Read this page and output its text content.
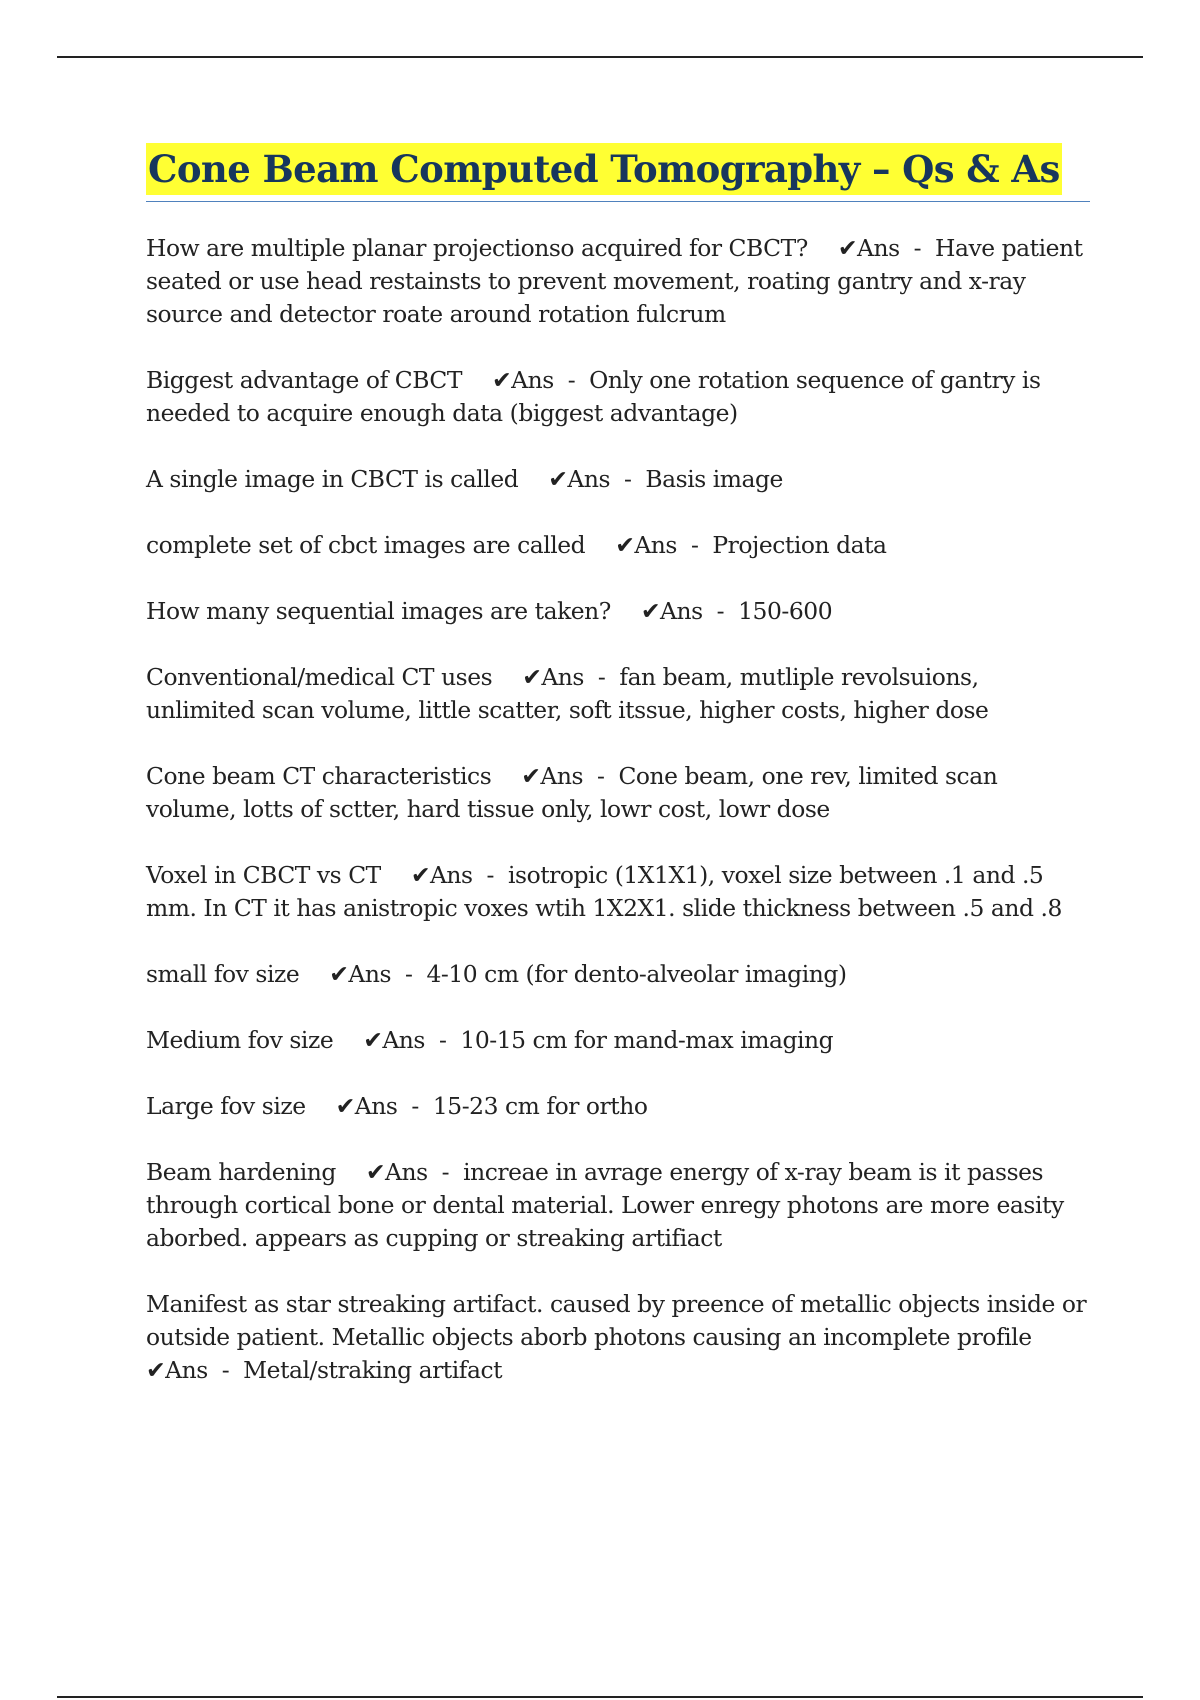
Cone Beam Computed Tomography – Qs & As
How are multiple planar projectionso acquired for CBCT? ✔Ans  -  Have patient seated or use head restainsts to prevent movement, roating gantry and x-ray source and detector roate around rotation fulcrum
Biggest advantage of CBCT ✔Ans  -  Only one rotation sequence of gantry is needed to acquire enough data (biggest advantage)
A single image in CBCT is called ✔Ans  -  Basis image
complete set of cbct images are called ✔Ans  -  Projection data
How many sequential images are taken? ✔Ans  -  150-600
Conventional/medical CT uses ✔Ans  -  fan beam, mutliple revolsuions, unlimited scan volume, little scatter, soft itssue, higher costs, higher dose
Cone beam CT characteristics ✔Ans  -  Cone beam, one rev, limited scan volume, lotts of sctter, hard tissue only, lowr cost, lowr dose
Voxel in CBCT vs CT ✔Ans  -  isotropic (1X1X1), voxel size between .1 and .5 mm. In CT it has anistropic voxes wtih 1X2X1. slide thickness between .5 and .8
small fov size ✔Ans  -  4-10 cm (for dento-alveolar imaging)
Medium fov size ✔Ans  -  10-15 cm for mand-max imaging
Large fov size ✔Ans  -  15-23 cm for ortho
Beam hardening ✔Ans  -  increae in avrage energy of x-ray beam is it passes through cortical bone or dental material. Lower enregy photons are more easity aborbed. appears as cupping or streaking artifiact
Manifest as star streaking artifact. caused by preence of metallic objects inside or outside patient. Metallic objects aborb photons causing an incomplete profile✔Ans  -  Metal/straking artifact
